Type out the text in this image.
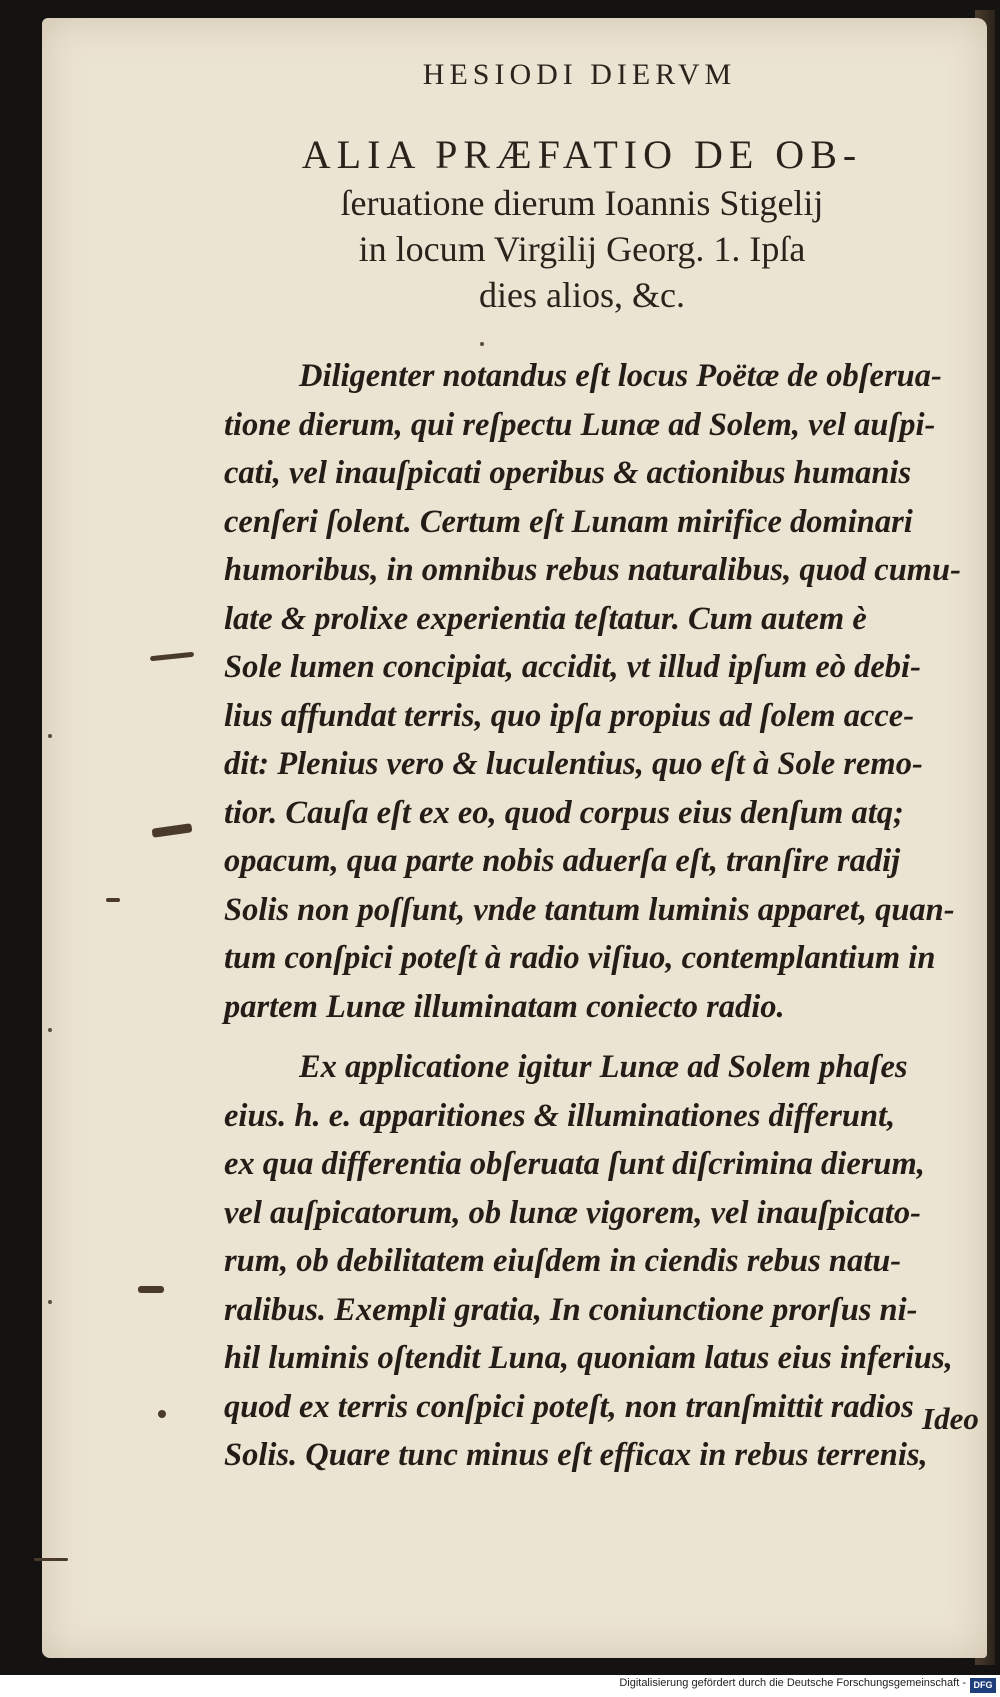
HESIODI DIERVM
ALIA PRÆFATIO DE OB-
ſeruatione dierum Ioannis Stigelij
in locum Virgilij Georg. 1. Ipſa
dies alios, &c.
Ideo

Diligenter notandus eſt locus Poëtæ de obſerua-
tione dierum, qui reſpectu Lunæ ad Solem, vel auſpi-
cati, vel inauſpicati operibus & actionibus humanis
cenſeri ſolent. Certum eſt Lunam mirifice dominari
humoribus, in omnibus rebus naturalibus, quod cumu-
late & prolixe experientia teſtatur. Cum autem è
Sole lumen concipiat, accidit, vt illud ipſum eò debi-
lius affundat terris, quo ipſa propius ad ſolem acce-
dit: Plenius vero & luculentius, quo eſt à Sole remo-
tior. Cauſa eſt ex eo, quod corpus eius denſum atq;
opacum, qua parte nobis aduerſa eſt, tranſire radij
Solis non poſſunt, vnde tantum luminis apparet, quan-
tum conſpici poteſt à radio viſiuo, contemplantium in
partem Lunæ illuminatam coniecto radio.

Ex applicatione igitur Lunæ ad Solem phaſes
eius. h. e. apparitiones & illuminationes differunt,
ex qua differentia obſeruata ſunt diſcrimina dierum,
vel auſpicatorum, ob lunæ vigorem, vel inauſpicato-
rum, ob debilitatem eiuſdem in ciendis rebus natu-
ralibus. Exempli gratia, In coniunctione prorſus ni-
hil luminis oſtendit Luna, quoniam latus eius inferius,
quod ex terris conſpici poteſt, non tranſmittit radios
Solis. Quare tunc minus eſt efficax in rebus terrenis,

Digitalisierung gefördert durch die Deutsche Forschungsgemeinschaft - DFG
